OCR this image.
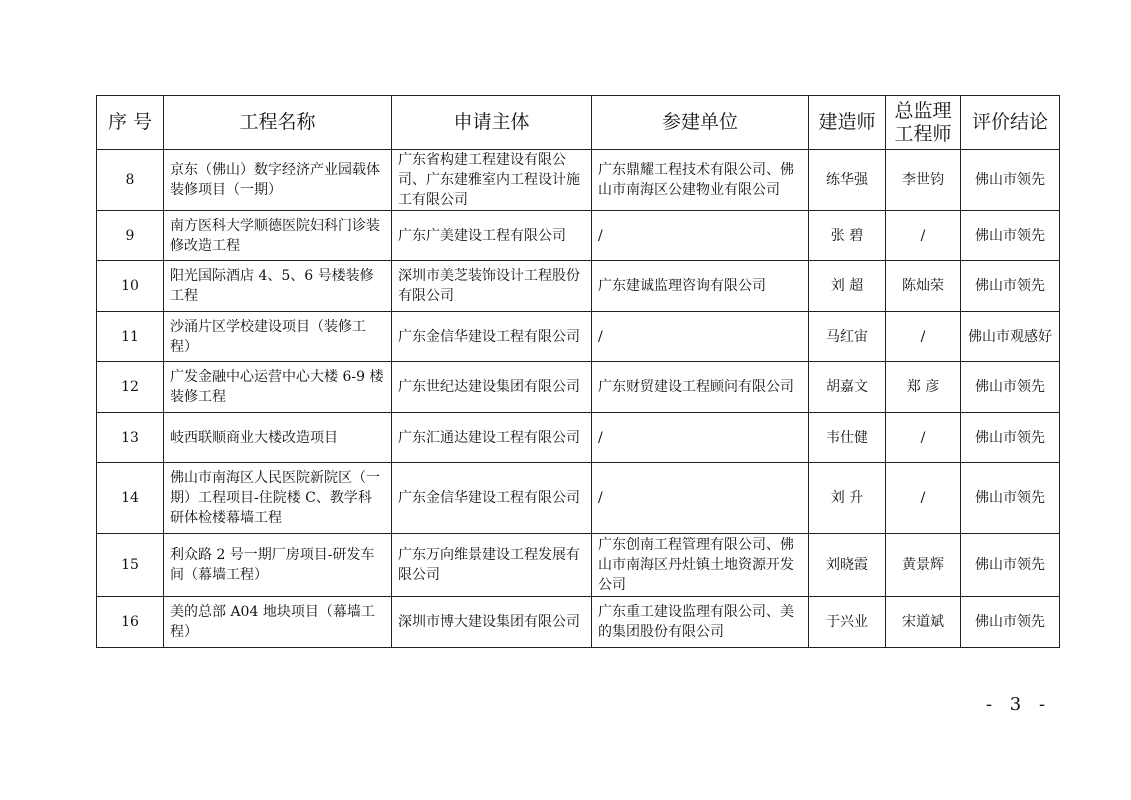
序 号	工程名称	申请主体	参建单位	建造师	总监理工程师	评价结论
8	京东（佛山）数字经济产业园载体装修项目（一期）	广东省构建工程建设有限公司、广东建雅室内工程设计施工有限公司	广东鼎耀工程技术有限公司、佛山市南海区公建物业有限公司	练华强	李世钧	佛山市领先
9	南方医科大学顺德医院妇科门诊装修改造工程	广东广美建设工程有限公司	/	张 碧	/	佛山市领先
10	阳光国际酒店 4、5、6 号楼装修工程	深圳市美芝装饰设计工程股份有限公司	广东建诚监理咨询有限公司	刘 超	陈灿荣	佛山市领先
11	沙涌片区学校建设项目（装修工程）	广东金信华建设工程有限公司	/	马红宙	/	佛山市观感好
12	广发金融中心运营中心大楼 6-9 楼装修工程	广东世纪达建设集团有限公司	广东财贸建设工程顾问有限公司	胡嘉文	郑 彦	佛山市领先
13	岐西联顺商业大楼改造项目	广东汇通达建设工程有限公司	/	韦仕健	/	佛山市领先
14	佛山市南海区人民医院新院区（一期）工程项目-住院楼 C、教学科研体检楼幕墙工程	广东金信华建设工程有限公司	/	刘 升	/	佛山市领先
15	利众路 2 号一期厂房项目-研发车间（幕墙工程）	广东万向维景建设工程发展有限公司	广东创南工程管理有限公司、佛山市南海区丹灶镇土地资源开发公司	刘晓霞	黄景辉	佛山市领先
16	美的总部 A04 地块项目（幕墙工程）	深圳市博大建设集团有限公司	广东重工建设监理有限公司、美的集团股份有限公司	于兴业	宋道斌	佛山市领先
- 3 -
